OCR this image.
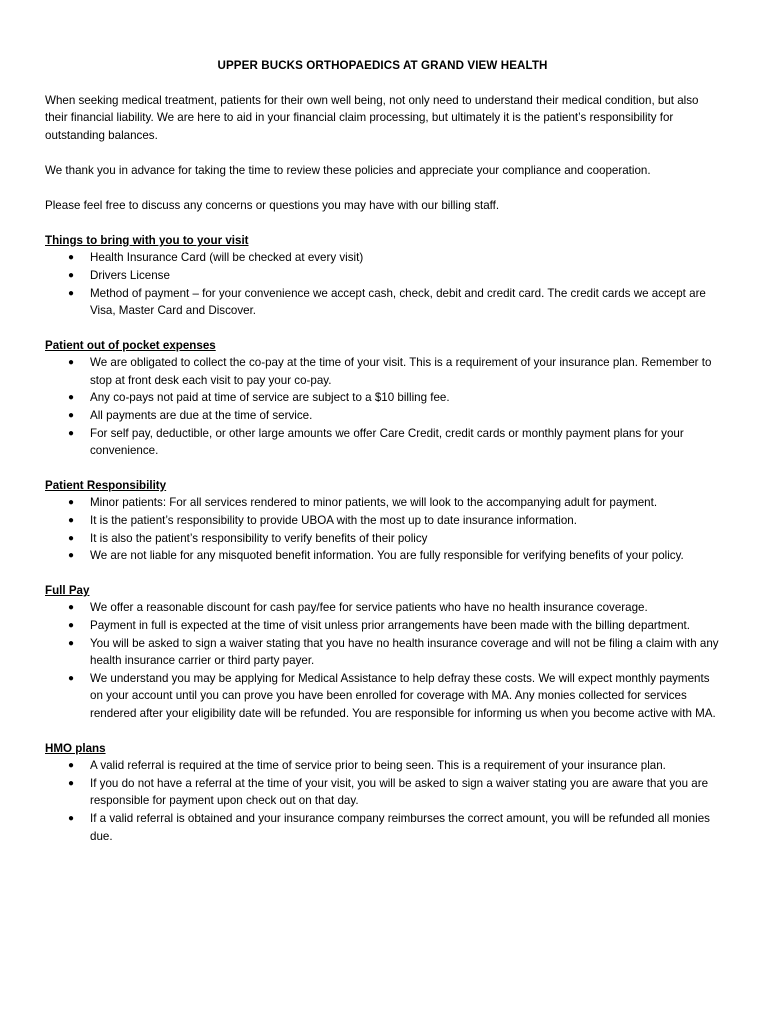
UPPER BUCKS ORTHOPAEDICS AT GRAND VIEW HEALTH

When seeking medical treatment, patients for their own well being, not only need to understand their medical condition, but also their financial liability. We are here to aid in your financial claim processing, but ultimately it is the patient’s responsibility for outstanding balances.

We thank you in advance for taking the time to review these policies and appreciate your compliance and cooperation.

Please feel free to discuss any concerns or questions you may have with our billing staff.

Things to bring with you to your visit
● Health Insurance Card (will be checked at every visit)
● Drivers License
● Method of payment – for your convenience we accept cash, check, debit and credit card. The credit cards we accept are Visa, Master Card and Discover.
Patient out of pocket expenses
● We are obligated to collect the co-pay at the time of your visit. This is a requirement of your insurance plan. Remember to stop at front desk each visit to pay your co-pay.
● Any co-pays not paid at time of service are subject to a $10 billing fee.
● All payments are due at the time of service.
● For self pay, deductible, or other large amounts we offer Care Credit, credit cards or monthly payment plans for your convenience.
Patient Responsibility
● Minor patients: For all services rendered to minor patients, we will look to the accompanying adult for payment.
● It is the patient’s responsibility to provide UBOA with the most up to date insurance information.
● It is also the patient’s responsibility to verify benefits of their policy
● We are not liable for any misquoted benefit information. You are fully responsible for verifying benefits of your policy.
Full Pay
● We offer a reasonable discount for cash pay/fee for service patients who have no health insurance coverage.
● Payment in full is expected at the time of visit unless prior arrangements have been made with the billing department.
● You will be asked to sign a waiver stating that you have no health insurance coverage and will not be filing a claim with any health insurance carrier or third party payer.
● We understand you may be applying for Medical Assistance to help defray these costs. We will expect monthly payments on your account until you can prove you have been enrolled for coverage with MA. Any monies collected for services rendered after your eligibility date will be refunded. You are responsible for informing us when you become active with MA.
HMO plans
● A valid referral is required at the time of service prior to being seen. This is a requirement of your insurance plan.
● If you do not have a referral at the time of your visit, you will be asked to sign a waiver stating you are aware that you are responsible for payment upon check out on that day.
● If a valid referral is obtained and your insurance company reimburses the correct amount, you will be refunded all monies due.
